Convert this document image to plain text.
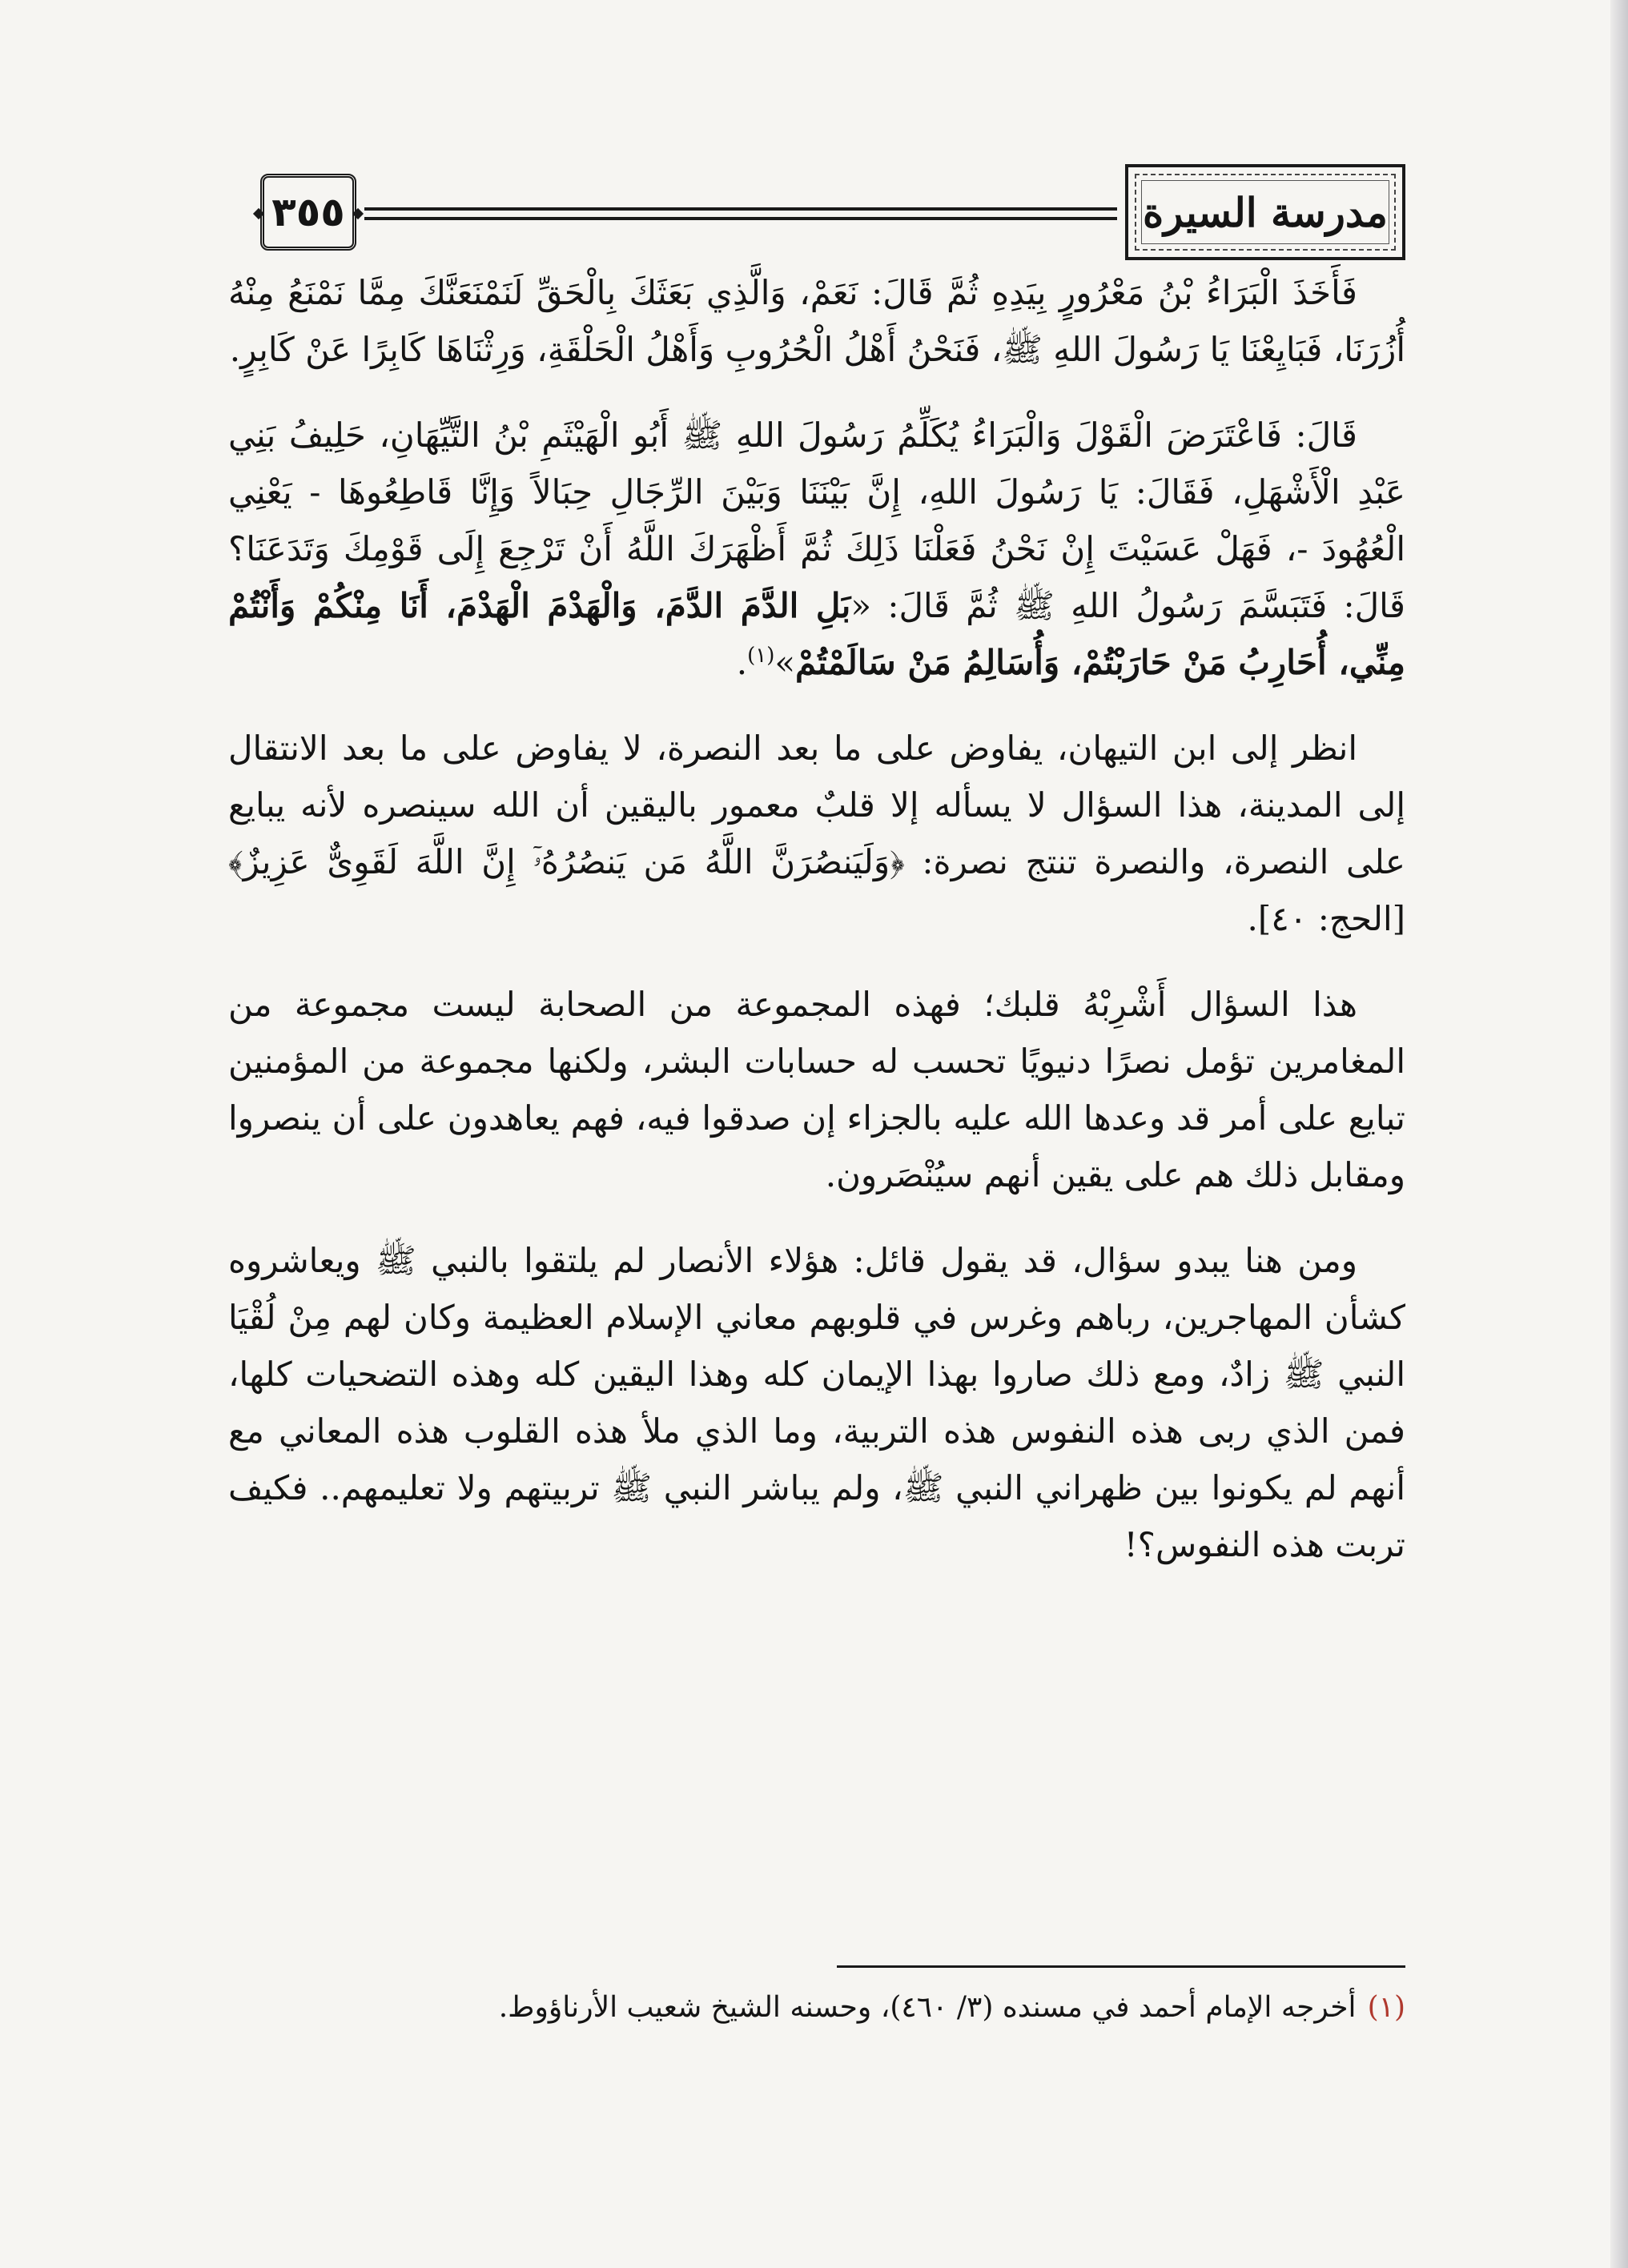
٣٥٥	مدرسة السيرة

فَأَخَذَ الْبَرَاءُ بْنُ مَعْرُورٍ بِيَدِهِ ثُمَّ قَالَ: نَعَمْ، وَالَّذِي بَعَثَكَ بِالْحَقِّ لَنَمْنَعَنَّكَ مِمَّا نَمْنَعُ مِنْهُ أُزُرَنَا، فَبَايِعْنَا يَا رَسُولَ اللهِ ﷺ، فَنَحْنُ أَهْلُ الْحُرُوبِ وَأَهْلُ الْحَلْقَةِ، وَرِثْنَاهَا كَابِرًا عَنْ كَابِرٍ.

قَالَ: فَاعْتَرَضَ الْقَوْلَ وَالْبَرَاءُ يُكَلِّمُ رَسُولَ اللهِ ﷺ أَبُو الْهَيْثَمِ بْنُ التَّيِّهَانِ، حَلِيفُ بَنِي عَبْدِ الْأَشْهَلِ، فَقَالَ: يَا رَسُولَ اللهِ، إِنَّ بَيْنَنَا وَبَيْنَ الرِّجَالِ حِبَالاً وَإِنَّا قَاطِعُوهَا - يَعْنِي الْعُهُودَ -، فَهَلْ عَسَيْتَ إِنْ نَحْنُ فَعَلْنَا ذَلِكَ ثُمَّ أَظْهَرَكَ اللَّهُ أَنْ تَرْجِعَ إِلَى قَوْمِكَ وَتَدَعَنَا؟ قَالَ: فَتَبَسَّمَ رَسُولُ اللهِ ﷺ ثُمَّ قَالَ: «بَلِ الدَّمَ الدَّمَ، وَالْهَدْمَ الْهَدْمَ، أَنَا مِنْكُمْ وَأَنْتُمْ مِنِّي، أُحَارِبُ مَنْ حَارَبْتُمْ، وَأُسَالِمُ مَنْ سَالَمْتُمْ»$^{(١)}$.

انظر إلى ابن التيهان، يفاوض على ما بعد النصرة، لا يفاوض على ما بعد الانتقال إلى المدينة، هذا السؤال لا يسأله إلا قلبٌ معمور باليقين أن الله سينصره لأنه يبايع على النصرة، والنصرة تنتج نصرة: ﴿وَلَيَنصُرَنَّ اللَّهُ مَن يَنصُرُهُۥٓ إِنَّ اللَّهَ لَقَوِىٌّ عَزِيزٌ﴾ [الحج: ٤٠].

هذا السؤال أَشْرِبْهُ قلبك؛ فهذه المجموعة من الصحابة ليست مجموعة من المغامرين تؤمل نصرًا دنيويًا تحسب له حسابات البشر، ولكنها مجموعة من المؤمنين تبايع على أمر قد وعدها الله عليه بالجزاء إن صدقوا فيه، فهم يعاهدون على أن ينصروا ومقابل ذلك هم على يقين أنهم سيُنْصَرون.

ومن هنا يبدو سؤال، قد يقول قائل: هؤلاء الأنصار لم يلتقوا بالنبي ﷺ ويعاشروه كشأن المهاجرين، رباهم وغرس في قلوبهم معاني الإسلام العظيمة وكان لهم مِنْ لُقْيَا النبي ﷺ زادٌ، ومع ذلك صاروا بهذا الإيمان كله وهذا اليقين كله وهذه التضحيات كلها، فمن الذي ربى هذه النفوس هذه التربية، وما الذي ملأ هذه القلوب هذه المعاني مع أنهم لم يكونوا بين ظهراني النبي ﷺ، ولم يباشر النبي ﷺ تربيتهم ولا تعليمهم.. فكيف تربت هذه النفوس؟!

(١)أخرجه الإمام أحمد في مسنده (٣/ ٤٦٠)، وحسنه الشيخ شعيب الأرناؤوط.
